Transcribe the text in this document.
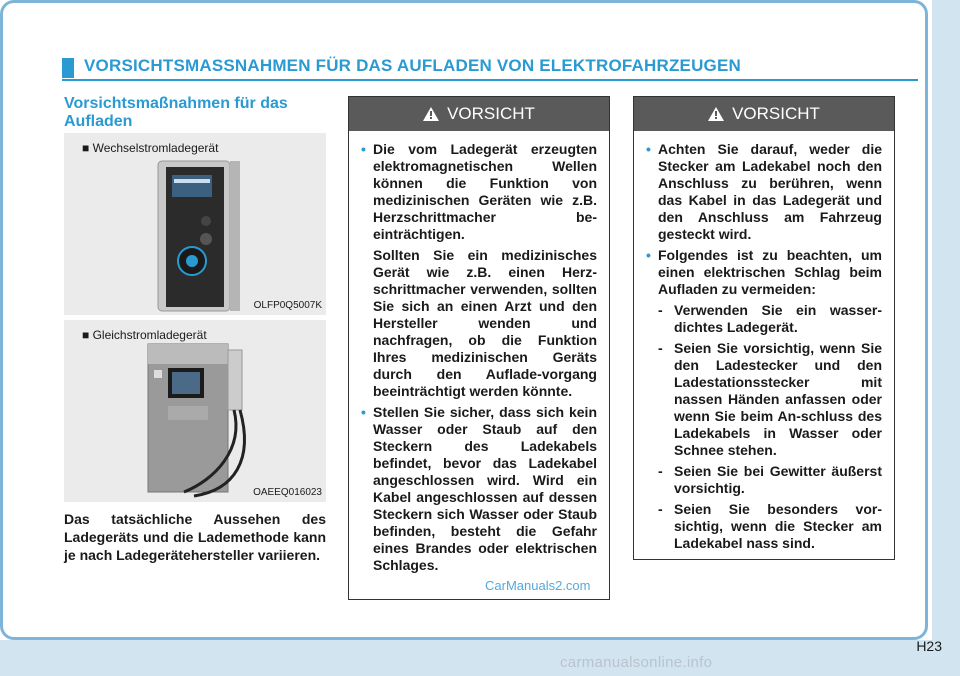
VORSICHTSMASSNAHMEN FÜR DAS AUFLADEN VON ELEKTROFAHRZEUGEN
Vorsichtsmaßnahmen für das
Aufladen
■ Wechselstromladegerät
OLFP0Q5007K
■ Gleichstromladegerät
OAEEQ016023
Das tatsächliche Aussehen des Ladegeräts und die Lademethode kann je nach Ladegerätehersteller variieren.
VORSICHT
• Die vom Ladegerät erzeugten elektromagnetischen Wellen können die Funktion von medizinischen Geräten wie z.B. Herzschrittmacher be-einträchtigen.
Sollten Sie ein medizinisches Gerät wie z.B. einen Herz-schrittmacher verwenden, sollten Sie sich an einen Arzt und den Hersteller wenden und nachfragen, ob die Funktion Ihres medizinischen Geräts durch den Auflade-vorgang beeinträchtigt werden könnte.
• Stellen Sie sicher, dass sich kein Wasser oder Staub auf den Steckern des Ladekabels befindet, bevor das Ladekabel angeschlossen wird. Wird ein Kabel angeschlossen auf dessen Steckern sich Wasser oder Staub befinden, besteht die Gefahr eines Brandes oder elektrischen Schlages.
VORSICHT
• Achten Sie darauf, weder die Stecker am Ladekabel noch den Anschluss zu berühren, wenn das Kabel in das Ladegerät und den Anschluss am Fahrzeug gesteckt wird.
• Folgendes ist zu beachten, um einen elektrischen Schlag beim Aufladen zu vermeiden:
- Verwenden Sie ein wasser-dichtes Ladegerät.
- Seien Sie vorsichtig, wenn Sie den Ladestecker und den Ladestationsstecker mit nassen Händen anfassen oder wenn Sie beim An-schluss des Ladekabels in Wasser oder Schnee stehen.
- Seien Sie bei Gewitter äußerst vorsichtig.
- Seien Sie besonders vor-sichtig, wenn die Stecker am Ladekabel nass sind.
CarManuals2.com
H23
carmanualsonline.info
